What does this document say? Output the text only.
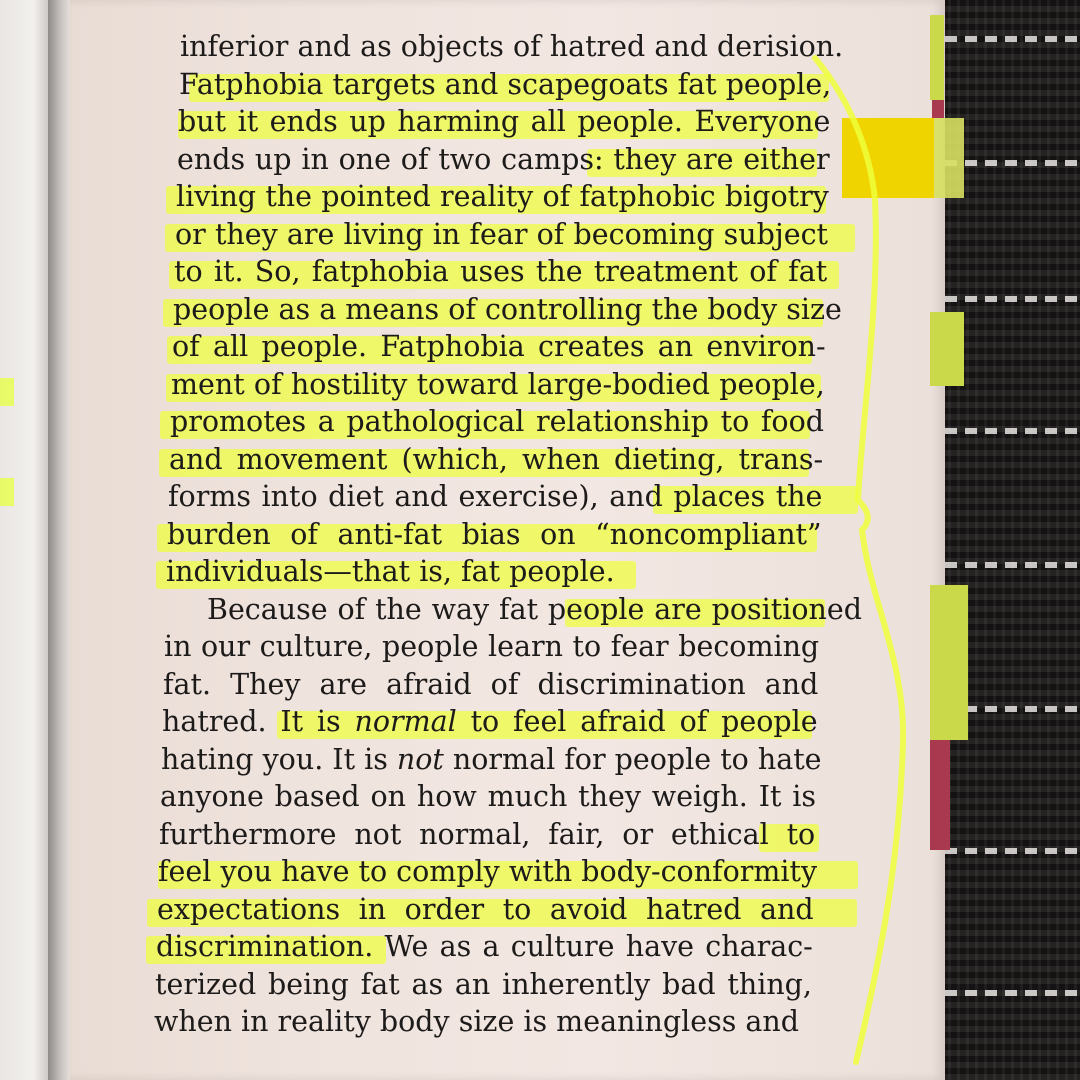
inferior and as objects of hatred and derision.
Fatphobia targets and scapegoats fat people,
but it ends up harming all people. Everyone
ends up in one of two camps: they are either
living the pointed reality of fatphobic bigotry
or they are living in fear of becoming subject
to it. So, fatphobia uses the treatment of fat
people as a means of controlling the body size
of all people. Fatphobia creates an environ-
ment of hostility toward large-bodied people,
promotes a pathological relationship to food
and movement (which, when dieting, trans-
forms into diet and exercise), and places the
burden of anti-fat bias on “noncompliant”
individuals—that is, fat people.
Because of the way fat people are positioned
in our culture, people learn to fear becoming
fat. They are afraid of discrimination and
hatred. It is normal to feel afraid of people
hating you. It is not normal for people to hate
anyone based on how much they weigh. It is
furthermore not normal, fair, or ethical to
feel you have to comply with body-conformity
expectations in order to avoid hatred and
discrimination. We as a culture have charac-
terized being fat as an inherently bad thing,
when in reality body size is meaningless and
